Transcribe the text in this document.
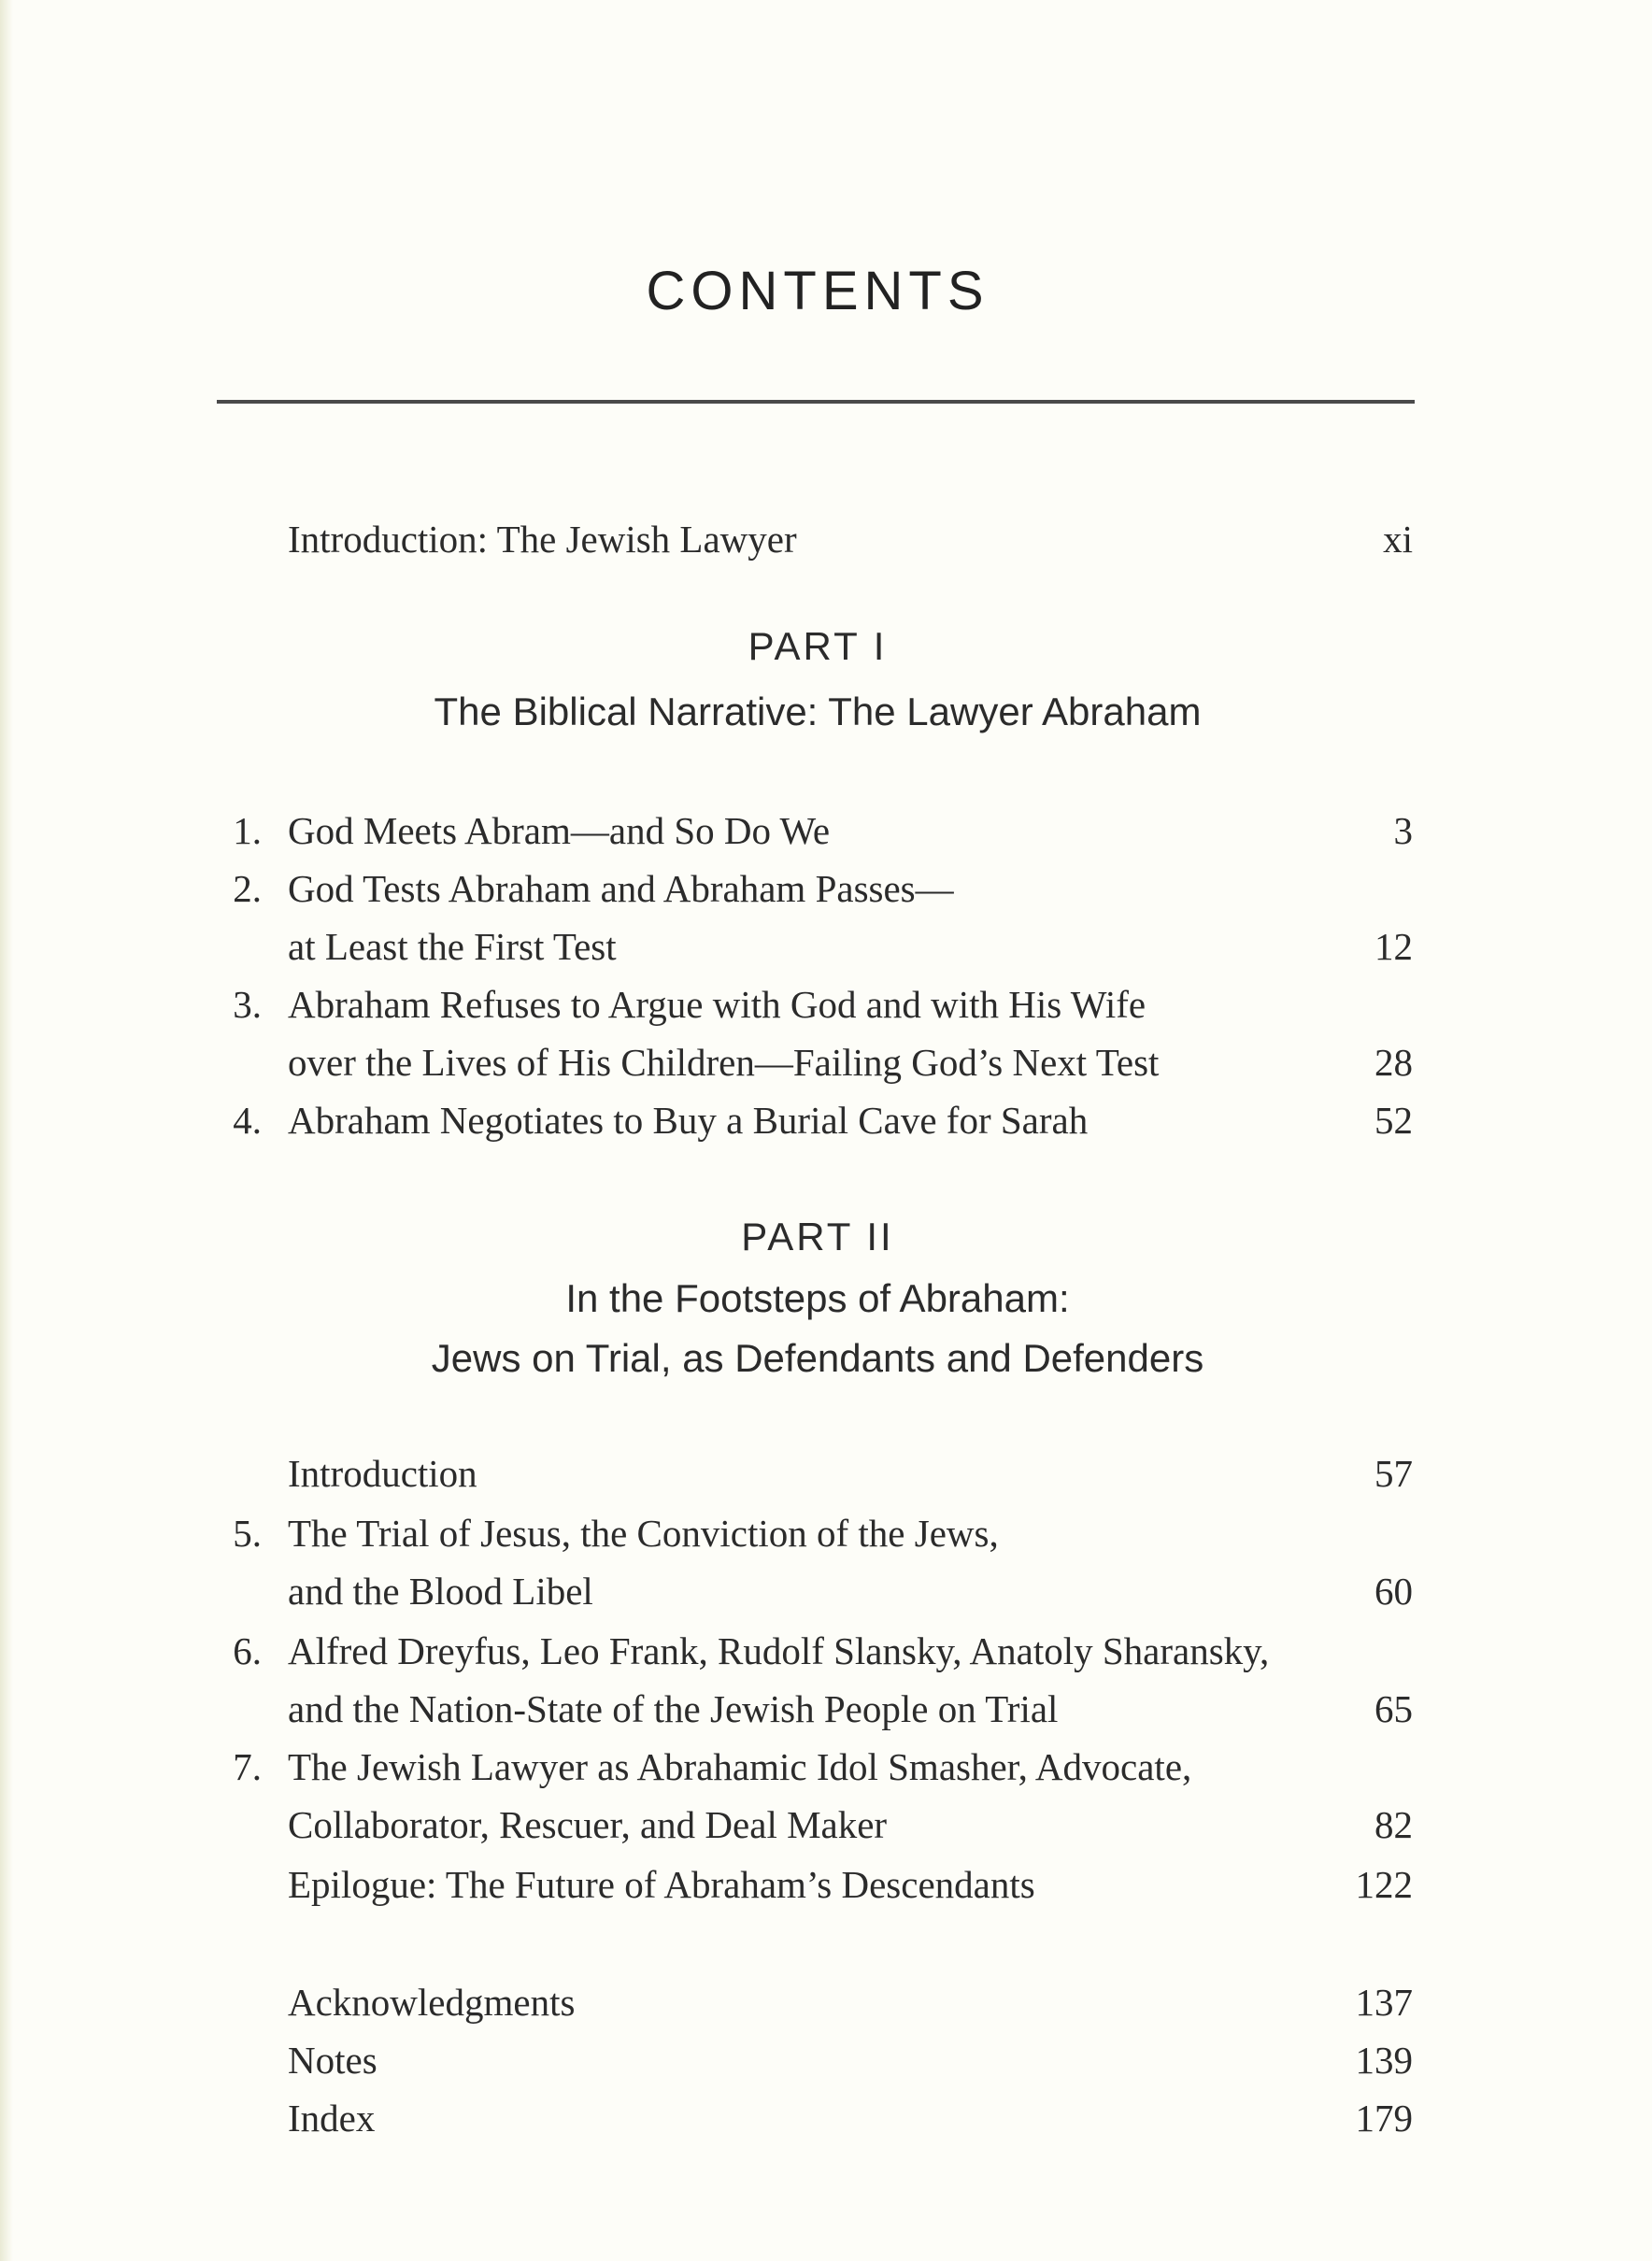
CONTENTS
Introduction: The Jewish Lawyer	xi
PART I
The Biblical Narrative: The Lawyer Abraham
1. God Meets Abram—and So Do We	3
2. God Tests Abraham and Abraham Passes—
at Least the First Test	12
3. Abraham Refuses to Argue with God and with His Wife
over the Lives of His Children—Failing God’s Next Test	28
4. Abraham Negotiates to Buy a Burial Cave for Sarah	52
PART II
In the Footsteps of Abraham:
Jews on Trial, as Defendants and Defenders
Introduction	57
5. The Trial of Jesus, the Conviction of the Jews,
and the Blood Libel	60
6. Alfred Dreyfus, Leo Frank, Rudolf Slansky, Anatoly Sharansky,
and the Nation-State of the Jewish People on Trial	65
7. The Jewish Lawyer as Abrahamic Idol Smasher, Advocate,
Collaborator, Rescuer, and Deal Maker	82
Epilogue: The Future of Abraham’s Descendants	122
Acknowledgments	137
Notes	139
Index	179
